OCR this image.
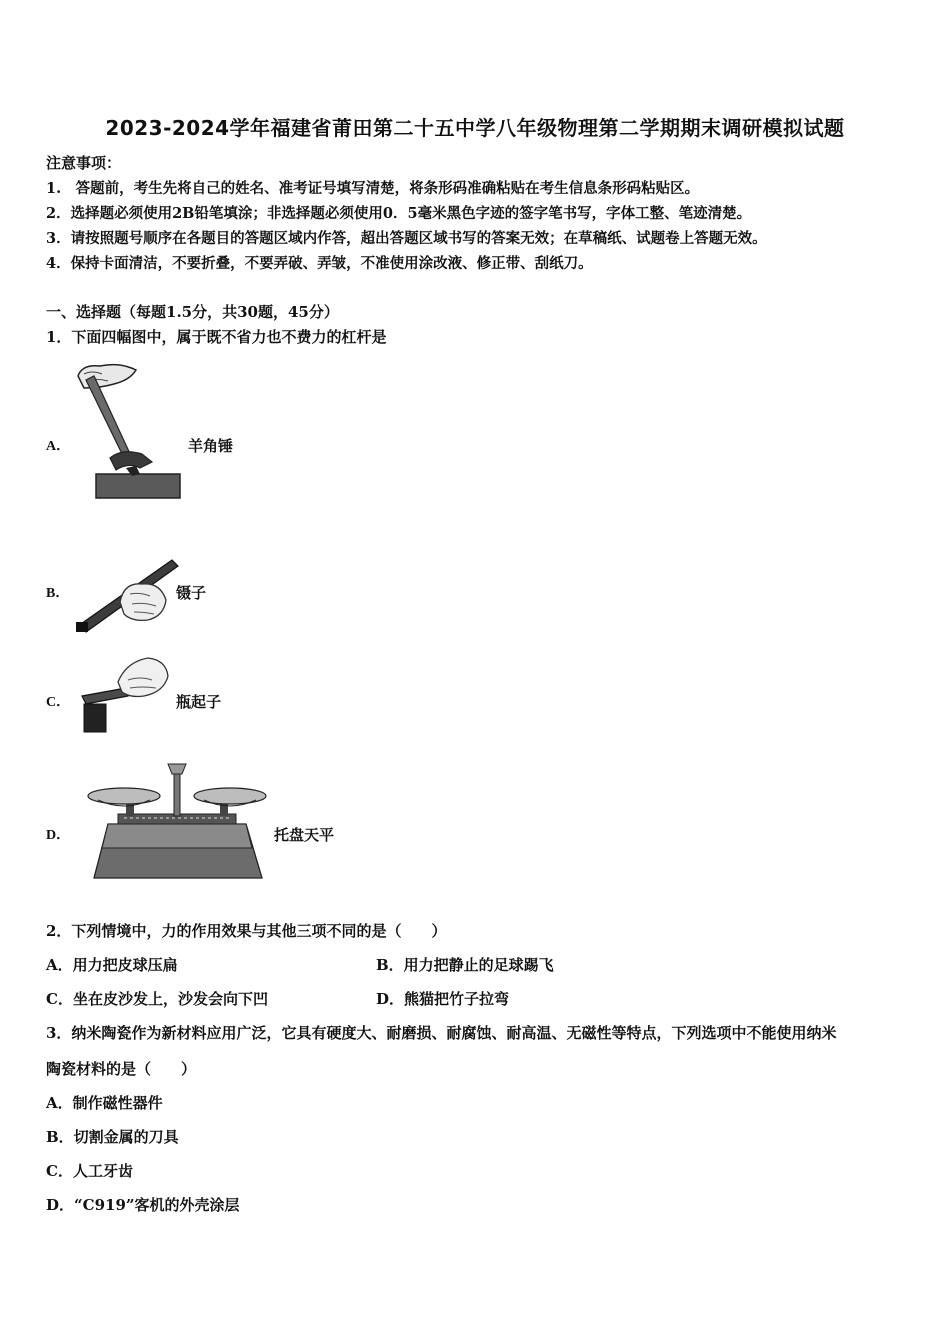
2023-2024学年福建省莆田第二十五中学八年级物理第二学期期末调研模拟试题
注意事项：
1.　答题前，考生先将自己的姓名、准考证号填写清楚，将条形码准确粘贴在考生信息条形码粘贴区。
2．选择题必须使用2B铅笔填涂；非选择题必须使用0．5毫米黑色字迹的签字笔书写，字体工整、笔迹清楚。
3．请按照题号顺序在各题目的答题区域内作答，超出答题区域书写的答案无效；在草稿纸、试题卷上答题无效。
4．保持卡面清洁，不要折叠，不要弄破、弄皱，不准使用涂改液、修正带、刮纸刀。
一、选择题（每题1.5分，共30题，45分）
1．下面四幅图中，属于既不省力也不费力的杠杆是
A．	羊角锤
B．	镊子
C．	瓶起子
D．	托盘天平
2．下列情境中，力的作用效果与其他三项不同的是（　　）
A．用力把皮球压扁	B．用力把静止的足球踢飞
C．坐在皮沙发上，沙发会向下凹	D．熊猫把竹子拉弯
3．纳米陶瓷作为新材料应用广泛，它具有硬度大、耐磨损、耐腐蚀、耐高温、无磁性等特点，下列选项中不能使用纳米
陶瓷材料的是（　　）
A．制作磁性器件
B．切割金属的刀具
C．人工牙齿
D．“C919”客机的外壳涂层
